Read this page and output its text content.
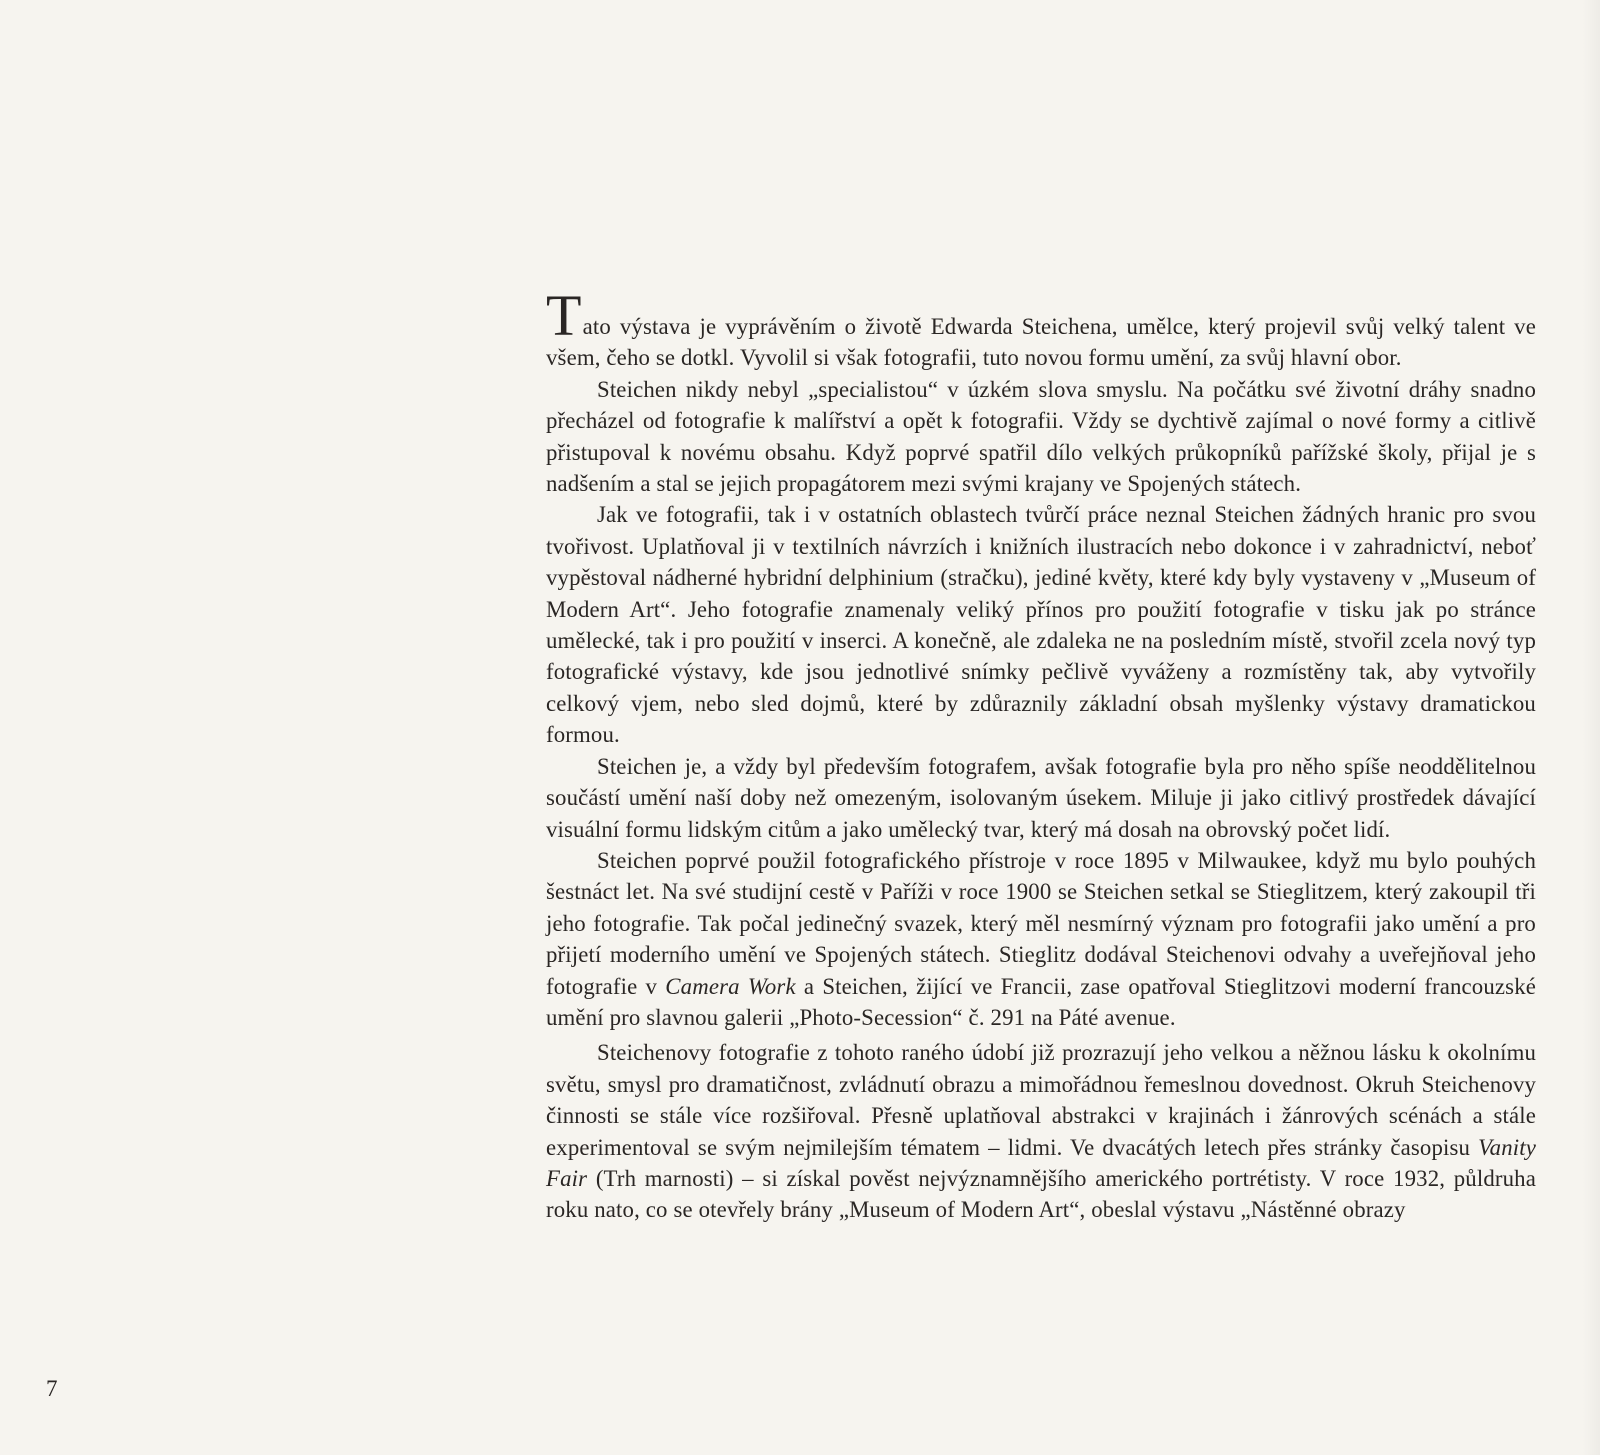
Tato výstava je vyprávěním o životě Edwarda Steichena, umělce, který projevil svůj velký talent ve všem, čeho se dotkl. Vyvolil si však fotografii, tuto novou formu umění, za svůj hlavní obor.

Steichen nikdy nebyl „specialistou“ v úzkém slova smyslu. Na počátku své životní dráhy snadno přecházel od fotografie k malířství a opět k fotografii. Vždy se dychtivě zajímal o nové formy a citlivě přistupoval k novému obsahu. Když poprvé spatřil dílo velkých průkopníků pařížské školy, přijal je s nadšením a stal se jejich propagátorem mezi svými krajany ve Spojených státech.

Jak ve fotografii, tak i v ostatních oblastech tvůrčí práce neznal Steichen žádných hranic pro svou tvořivost. Uplatňoval ji v textilních návrzích i knižních ilustracích nebo dokonce i v zahradnictví, neboť vypěstoval nádherné hybridní delphinium (stračku), jediné květy, které kdy byly vystaveny v „Museum of Modern Art“. Jeho fotografie znamenaly veliký přínos pro použití fotografie v tisku jak po stránce umělecké, tak i pro použití v inserci. A konečně, ale zdaleka ne na posledním místě, stvořil zcela nový typ fotografické výstavy, kde jsou jednotlivé snímky pečlivě vyváženy a rozmístěny tak, aby vytvořily celkový vjem, nebo sled dojmů, které by zdůraznily základní obsah myšlenky výstavy dramatickou formou.

Steichen je, a vždy byl především fotografem, avšak fotografie byla pro něho spíše neoddělitelnou součástí umění naší doby než omezeným, isolovaným úsekem. Miluje ji jako citlivý prostředek dávající visuální formu lidským citům a jako umělecký tvar, který má dosah na obrovský počet lidí.

Steichen poprvé použil fotografického přístroje v roce 1895 v Milwaukee, když mu bylo pouhých šestnáct let. Na své studijní cestě v Paříži v roce 1900 se Steichen setkal se Stieglitzem, který zakoupil tři jeho fotografie. Tak počal jedinečný svazek, který měl nesmírný význam pro fotografii jako umění a pro přijetí moderního umění ve Spojených státech. Stieglitz dodával Steichenovi odvahy a uveřejňoval jeho fotografie v Camera Work a Steichen, žijící ve Francii, zase opatřoval Stieglitzovi moderní francouzské umění pro slavnou galerii „Photo-Secession“ č. 291 na Páté avenue.

Steichenovy fotografie z tohoto raného údobí již prozrazují jeho velkou a něžnou lásku k okolnímu světu, smysl pro dramatičnost, zvládnutí obrazu a mimořádnou řemeslnou dovednost. Okruh Steichenovy činnosti se stále více rozšiřoval. Přesně uplatňoval abstrakci v krajinách i žánrových scénách a stále experimentoval se svým nejmilejším tématem – lidmi. Ve dvacátých letech přes stránky časopisu Vanity Fair (Trh marnosti) – si získal pověst nejvýznamnějšího amerického portrétisty. V roce 1932, půldruha roku nato, co se otevřely brány „Museum of Modern Art“, obeslal výstavu „Nástěnné obrazy

7
